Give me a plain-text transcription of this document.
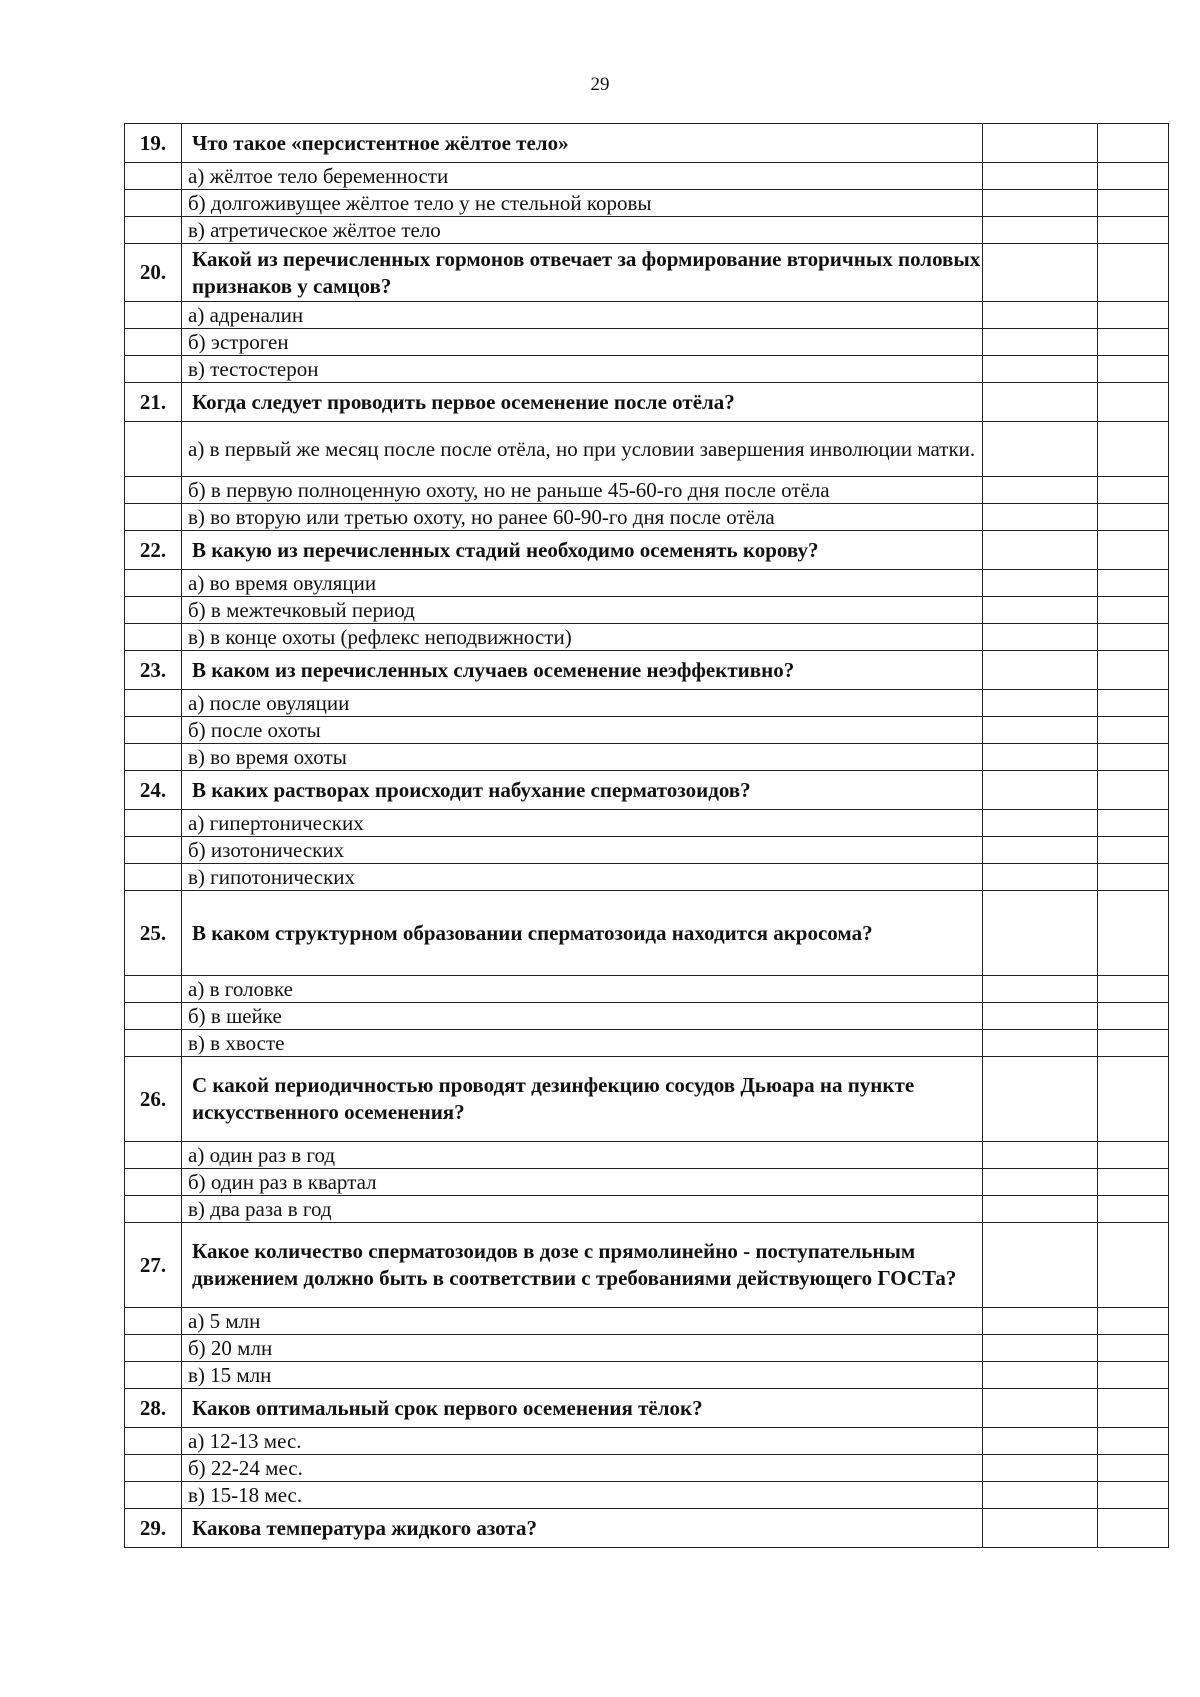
29
19.	Что такое «персистентное жёлтое тело»		
	а) жёлтое тело беременности		
	б) долгоживущее жёлтое тело у не стельной коровы		
	в) атретическое жёлтое тело		
20.	Какой из перечисленных гормонов отвечает за формирование вторичных половых признаков у самцов?		
	а) адреналин		
	б) эстроген		
	в) тестостерон		
21.	Когда следует проводить первое осеменение после отёла?		
	а) в первый же месяц после после отёла, но при условии завершения инволюции матки.		
	б) в первую полноценную охоту, но не раньше 45-60-го дня после отёла		
	в) во вторую или третью охоту, но ранее 60-90-го дня после отёла		
22.	В какую из перечисленных стадий необходимо осеменять корову?		
	а) во время овуляции		
	б) в межтечковый период		
	в) в конце охоты (рефлекс неподвижности)		
23.	В каком из перечисленных случаев осеменение неэффективно?		
	а) после овуляции		
	б) после охоты		
	в) во время охоты		
24.	В каких растворах происходит набухание сперматозоидов?		
	а) гипертонических		
	б) изотонических		
	в) гипотонических		
25.	В каком структурном образовании сперматозоида находится акросома?		
	а) в головке		
	б) в шейке		
	в) в хвосте		
26.	С какой периодичностью проводят дезинфекцию сосудов Дьюара на пункте искусственного осеменения?		
	а) один раз в год		
	б) один раз в квартал		
	в) два раза в год		
27.	Какое количество сперматозоидов в дозе с прямолинейно - поступательным движением должно быть в соответствии с требованиями действующего ГОСТа?		
	а) 5 млн		
	б) 20 млн		
	в) 15 млн		
28.	Каков оптимальный срок первого осеменения тёлок?		
	а) 12-13 мес.		
	б) 22-24 мес.		
	в) 15-18 мес.		
29.	Какова температура жидкого азота?		
